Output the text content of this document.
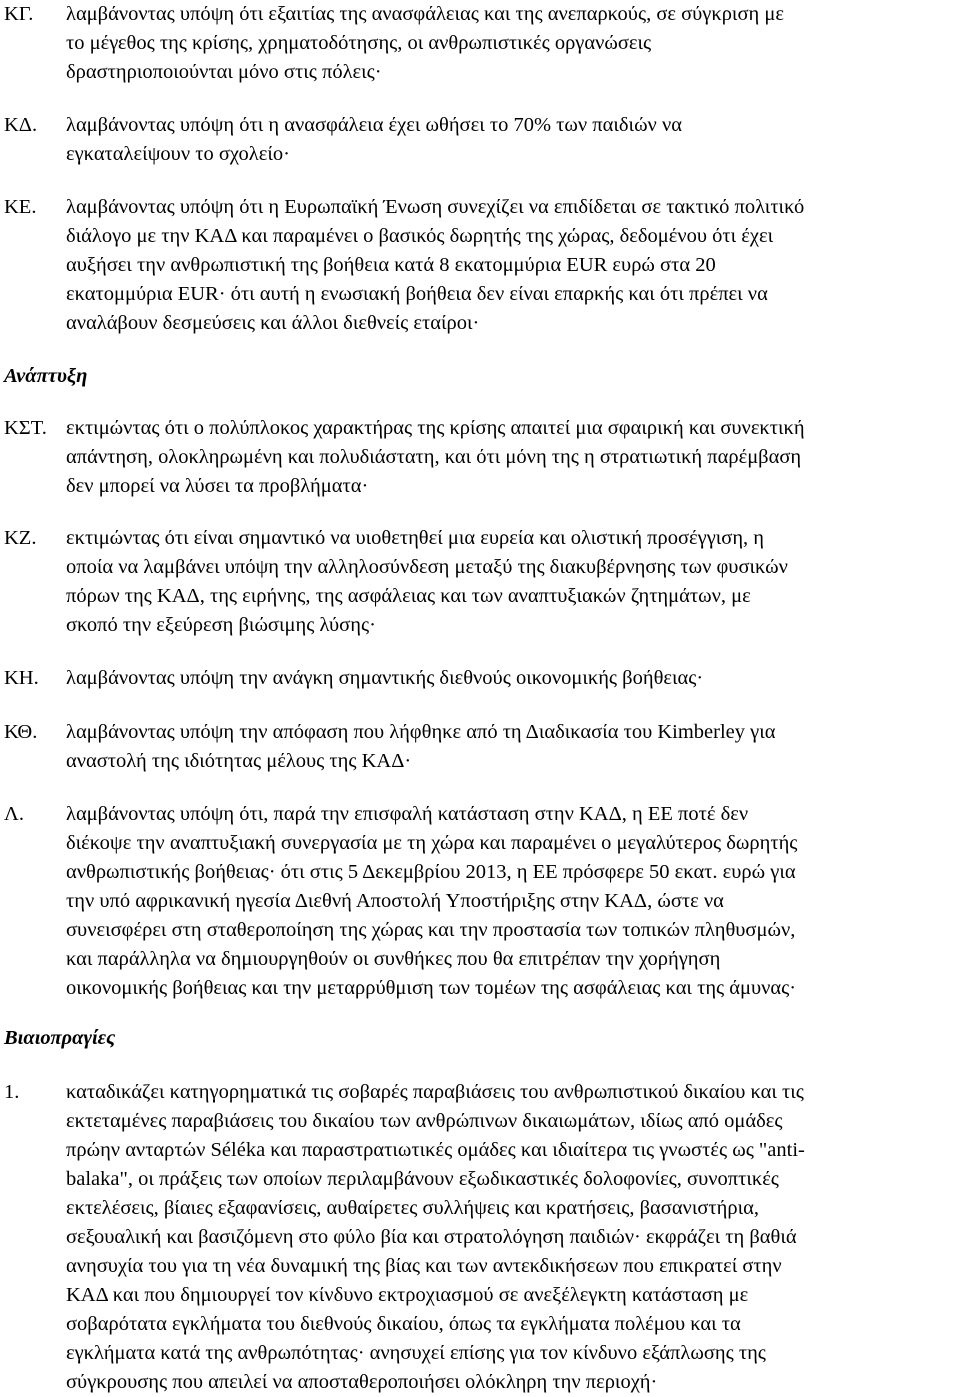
ΚΓ. λαμβάνοντας υπόψη ότι εξαιτίας της ανασφάλειας και της ανεπαρκούς, σε σύγκριση με
το μέγεθος της κρίσης, χρηματοδότησης, οι ανθρωπιστικές οργανώσεις
δραστηριοποιούνται μόνο στις πόλεις·
ΚΔ. λαμβάνοντας υπόψη ότι η ανασφάλεια έχει ωθήσει το 70% των παιδιών να
εγκαταλείψουν το σχολείο·
ΚΕ. λαμβάνοντας υπόψη ότι η Ευρωπαϊκή Ένωση συνεχίζει να επιδίδεται σε τακτικό πολιτικό
διάλογο με την ΚΑΔ και παραμένει ο βασικός δωρητής της χώρας, δεδομένου ότι έχει
αυξήσει την ανθρωπιστική της βοήθεια κατά 8 εκατομμύρια EUR ευρώ στα 20
εκατομμύρια EUR· ότι αυτή η ενωσιακή βοήθεια δεν είναι επαρκής και ότι πρέπει να
αναλάβουν δεσμεύσεις και άλλοι διεθνείς εταίροι·
Ανάπτυξη
ΚΣΤ. εκτιμώντας ότι ο πολύπλοκος χαρακτήρας της κρίσης απαιτεί μια σφαιρική και συνεκτική
απάντηση, ολοκληρωμένη και πολυδιάστατη, και ότι μόνη της η στρατιωτική παρέμβαση
δεν μπορεί να λύσει τα προβλήματα·
ΚΖ. εκτιμώντας ότι είναι σημαντικό να υιοθετηθεί μια ευρεία και ολιστική προσέγγιση, η
οποία να λαμβάνει υπόψη την αλληλοσύνδεση μεταξύ της διακυβέρνησης των φυσικών
πόρων της ΚΑΔ, της ειρήνης, της ασφάλειας και των αναπτυξιακών ζητημάτων, με
σκοπό την εξεύρεση βιώσιμης λύσης·
ΚΗ. λαμβάνοντας υπόψη την ανάγκη σημαντικής διεθνούς οικονομικής βοήθειας·
ΚΘ. λαμβάνοντας υπόψη την απόφαση που λήφθηκε από τη Διαδικασία του Kimberley για
αναστολή της ιδιότητας μέλους της ΚΑΔ·
Λ. λαμβάνοντας υπόψη ότι, παρά την επισφαλή κατάσταση στην ΚΑΔ, η ΕΕ ποτέ δεν
διέκοψε την αναπτυξιακή συνεργασία με τη χώρα και παραμένει ο μεγαλύτερος δωρητής
ανθρωπιστικής βοήθειας· ότι στις 5 Δεκεμβρίου 2013, η ΕΕ πρόσφερε 50 εκατ. ευρώ για
την υπό αφρικανική ηγεσία Διεθνή Αποστολή Υποστήριξης στην ΚΑΔ, ώστε να
συνεισφέρει στη σταθεροποίηση της χώρας και την προστασία των τοπικών πληθυσμών,
και παράλληλα να δημιουργηθούν οι συνθήκες που θα επιτρέπαν την χορήγηση
οικονομικής βοήθειας και την μεταρρύθμιση των τομέων της ασφάλειας και της άμυνας·
Βιαιοπραγίες
1. καταδικάζει κατηγορηματικά τις σοβαρές παραβιάσεις του ανθρωπιστικού δικαίου και τις
εκτεταμένες παραβιάσεις του δικαίου των ανθρώπινων δικαιωμάτων, ιδίως από ομάδες
πρώην ανταρτών Séléka και παραστρατιωτικές ομάδες και ιδιαίτερα τις γνωστές ως "anti-
balaka", οι πράξεις των οποίων περιλαμβάνουν εξωδικαστικές δολοφονίες, συνοπτικές
εκτελέσεις, βίαιες εξαφανίσεις, αυθαίρετες συλλήψεις και κρατήσεις, βασανιστήρια,
σεξουαλική και βασιζόμενη στο φύλο βία και στρατολόγηση παιδιών· εκφράζει τη βαθιά
ανησυχία του για τη νέα δυναμική της βίας και των αντεκδικήσεων που επικρατεί στην
ΚΑΔ και που δημιουργεί τον κίνδυνο εκτροχιασμού σε ανεξέλεγκτη κατάσταση με
σοβαρότατα εγκλήματα του διεθνούς δικαίου, όπως τα εγκλήματα πολέμου και τα
εγκλήματα κατά της ανθρωπότητας· ανησυχεί επίσης για τον κίνδυνο εξάπλωσης της
σύγκρουσης που απειλεί να αποσταθεροποιήσει ολόκληρη την περιοχή·
